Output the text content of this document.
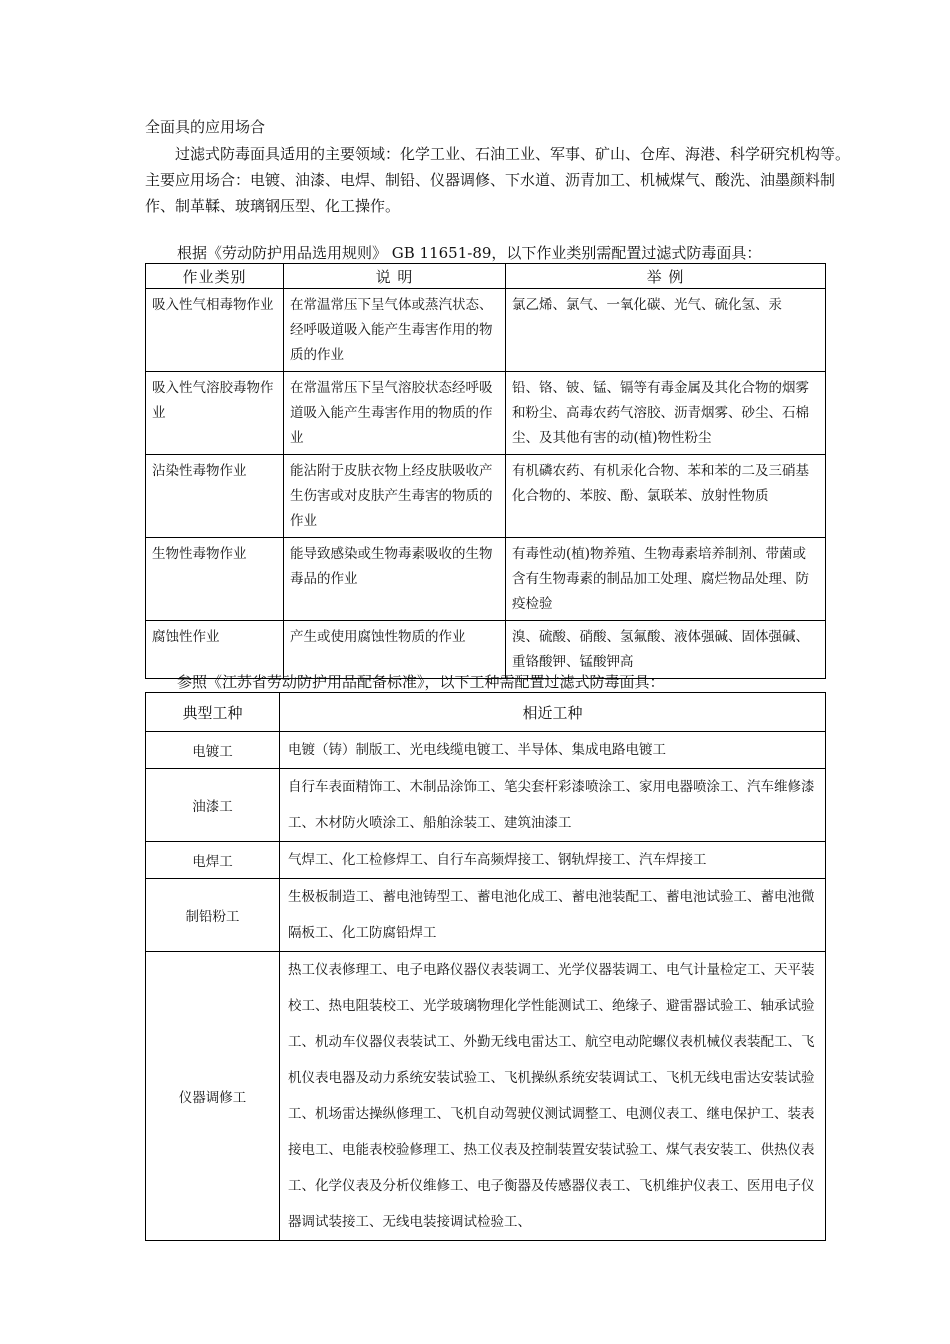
全面具的应用场合

过滤式防毒面具适用的主要领域：化学工业、石油工业、军事、矿山、仓库、海港、科学研究机构等。 主要应用场合：电镀、油漆、电焊、制铅、仪器调修、下水道、沥青加工、机械煤气、酸洗、油墨颜料制作、制革鞣、玻璃钢压型、化工操作。

根据《劳动防护用品选用规则》 GB 11651-89，以下作业类别需配置过滤式防毒面具：
作业类别	说 明	举 例
吸入性气相毒物作业	在常温常压下呈气体或蒸汽状态、经呼吸道吸入能产生毒害作用的物质的作业	氯乙烯、氯气、一氧化碳、光气、硫化氢、汞
吸入性气溶胶毒物作业	在常温常压下呈气溶胶状态经呼吸道吸入能产生毒害作用的物质的作业	铅、铬、铍、锰、镉等有毒金属及其化合物的烟雾和粉尘、高毒农药气溶胶、沥青烟雾、砂尘、石棉尘、及其他有害的动(植)物性粉尘
沾染性毒物作业	能沾附于皮肤衣物上经皮肤吸收产生伤害或对皮肤产生毒害的物质的作业	有机磷农药、有机汞化合物、苯和苯的二及三硝基化合物的、苯胺、酚、氯联苯、放射性物质
生物性毒物作业	能导致感染或生物毒素吸收的生物毒品的作业	有毒性动(植)物养殖、生物毒素培养制剂、带菌或含有生物毒素的制品加工处理、腐烂物品处理、防疫检验
腐蚀性作业	产生或使用腐蚀性物质的作业	溴、硫酸、硝酸、氢氟酸、液体强碱、固体强碱、重铬酸钾、锰酸钾高
参照《江苏省劳动防护用品配备标准》，以下工种需配置过滤式防毒面具：
典型工种	相近工种
电镀工	电镀（铸）制版工、光电线缆电镀工、半导体、集成电路电镀工
油漆工	自行车表面精饰工、木制品涂饰工、笔尖套杆彩漆喷涂工、家用电器喷涂工、汽车维修漆工、木材防火喷涂工、船舶涂装工、建筑油漆工
电焊工	气焊工、化工检修焊工、自行车高频焊接工、钢轨焊接工、汽车焊接工
制铅粉工	生极板制造工、蓄电池铸型工、蓄电池化成工、蓄电池装配工、蓄电池试验工、蓄电池微隔板工、化工防腐铅焊工
仪器调修工	热工仪表修理工、电子电路仪器仪表装调工、光学仪器装调工、电气计量检定工、天平装校工、热电阻装校工、光学玻璃物理化学性能测试工、绝缘子、避雷器试验工、轴承试验工、机动车仪器仪表装试工、外勤无线电雷达工、航空电动陀螺仪表机械仪表装配工、飞机仪表电器及动力系统安装试验工、飞机操纵系统安装调试工、飞机无线电雷达安装试验工、机场雷达操纵修理工、飞机自动驾驶仪测试调整工、电测仪表工、继电保护工、装表接电工、电能表校验修理工、热工仪表及控制装置安装试验工、煤气表安装工、供热仪表工、化学仪表及分析仪维修工、电子衡器及传感器仪表工、飞机维护仪表工、医用电子仪器调试装接工、无线电装接调试检验工、
